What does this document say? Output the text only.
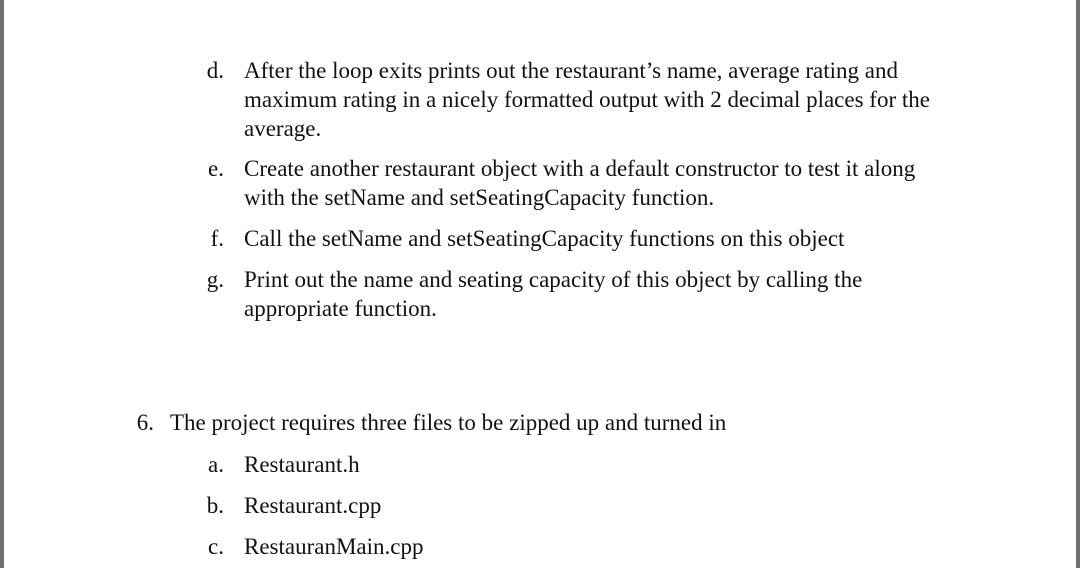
d. After the loop exits prints out the restaurant’s name, average rating and
maximum rating in a nicely formatted output with 2 decimal places for the
average.
e. Create another restaurant object with a default constructor to test it along
with the setName and setSeatingCapacity function.
f. Call the setName and setSeatingCapacity functions on this object
g. Print out the name and seating capacity of this object by calling the
appropriate function.
6. The project requires three files to be zipped up and turned in
a. Restaurant.h
b. Restaurant.cpp
c. RestauranMain.cpp
